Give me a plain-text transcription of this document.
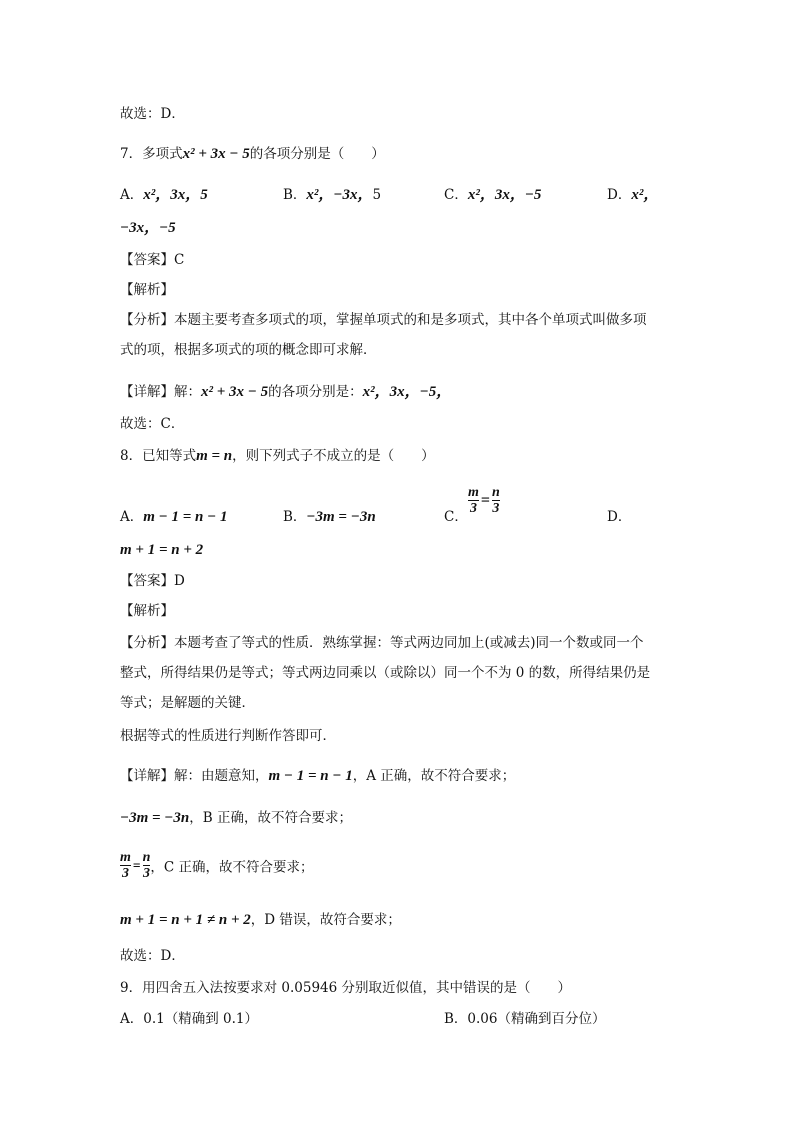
故选：D．
7．多项式x² + 3x − 5的各项分别是（　　）
A．x²，3x，5	B．x²，−3x，5	C．x²，3x，−5	D．x²，
−3x，−5
【答案】C
【解析】
【分析】本题主要考查多项式的项，掌握单项式的和是多项式，其中各个单项式叫做多项
式的项，根据多项式的项的概念即可求解．
【详解】解：x² + 3x − 5的各项分别是：x²，3x，−5，
故选：C．
8．已知等式m = n，则下列式子不成立的是（　　）
A．m − 1 = n − 1	B．−3m = −3n	C．
$\frac{m}{3} = \frac{n}{3}$
D．
m + 1 = n + 2
【答案】D
【解析】
【分析】本题考查了等式的性质．熟练掌握：等式两边同加上(或减去)同一个数或同一个
整式，所得结果仍是等式；等式两边同乘以（或除以）同一个不为 0 的数，所得结果仍是
等式；是解题的关键．
根据等式的性质进行判断作答即可．
【详解】解：由题意知，m − 1 = n − 1，A 正确，故不符合要求；
−3m = −3n，B 正确，故不符合要求；
$\frac{m}{3} = \frac{n}{3}$ ，C 正确，故不符合要求；
m + 1 = n + 1 ≠ n + 2，D 错误，故符合要求；
故选：D．
9．用四舍五入法按要求对 0.05946 分别取近似值，其中错误的是（　　）
A．0.1（精确到 0.1）	B．0.06（精确到百分位）
